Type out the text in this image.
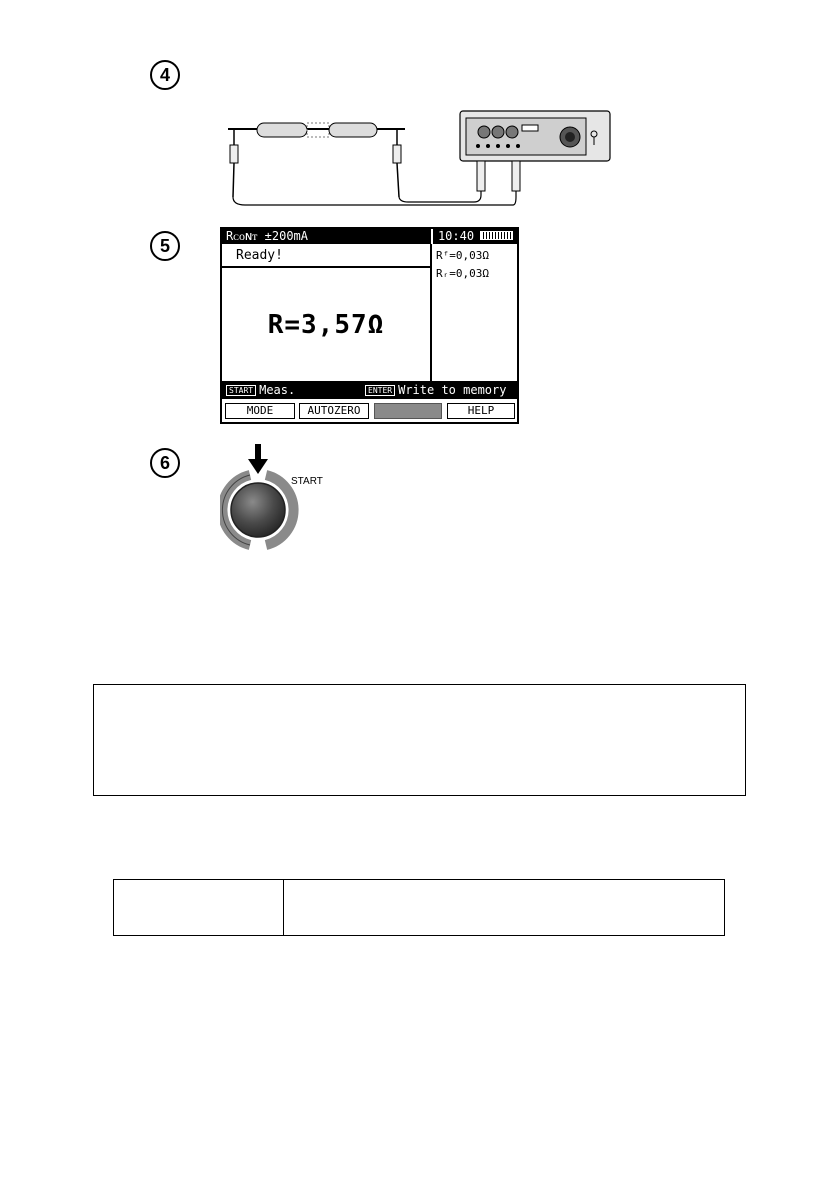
4
5
6
Rᴄᴏɴᴛ ±200mA	10:40
Ready!	Rᶠ=0,03Ω
Rᵣ=0,03Ω
R=3,57Ω
START Meas.	ENTER Write to memory
MODE	AUTOZERO	HELP
START
